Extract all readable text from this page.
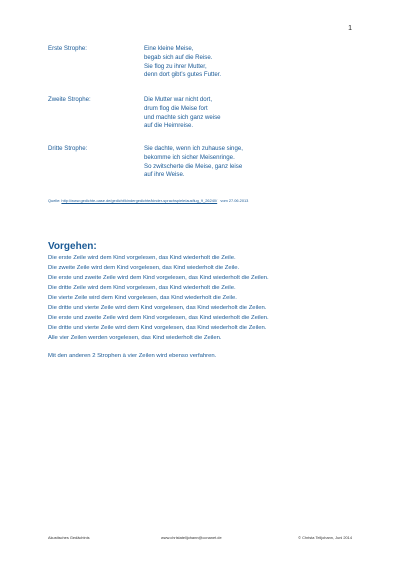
1
Erste Strophe:	Eine kleine Meise,
begab sich auf die Reise.
Sie flog zu ihrer Mutter,
denn dort gibt’s gutes Futter.
Zweite Strophe:	Die Mutter war nicht dort,
drum flog die Meise fort
und machte sich ganz weise
auf die Heimreise.
Dritte Strophe:	Sie dachte, wenn ich zuhause singe,
bekomme ich sicher Meisenringe.
So zwitscherte die Meise, ganz leise
auf ihre Weise.
Quelle: http://www.gedichte-oase.de/gedicht/kindergedichte/kinder-sprachspiele/ausflug_9_26240/ vom 27.06.2013
Vorgehen:
Die erste Zeile wird dem Kind vorgelesen, das Kind wiederholt die Zeile.
Die zweite Zeile wird dem Kind vorgelesen, das Kind wiederholt die Zeile.
Die erste und zweite Zeile wird dem Kind vorgelesen, das Kind wiederholt die Zeilen.
Die dritte Zeile wird dem Kind vorgelesen, das Kind wiederholt die Zeile.
Die vierte Zeile wird dem Kind vorgelesen, das Kind wiederholt die Zeile.
Die dritte und vierte Zeile wird dem Kind vorgelesen, das Kind wiederholt die Zeilen.
Die erste und zweite Zeile wird dem Kind vorgelesen, das Kind wiederholt die Zeilen.
Die dritte und vierte Zeile wird dem Kind vorgelesen, das Kind wiederholt die Zeilen.
Alle vier Zeilen werden vorgelesen, das Kind wiederholt die Zeilen.
Mit den anderen 2 Strophen à vier Zeilen wird ebenso verfahren.
Akustisches Gedächtnis	www.christatelljohann@conanet.de	© Christa Telljohann, Juni 2014
